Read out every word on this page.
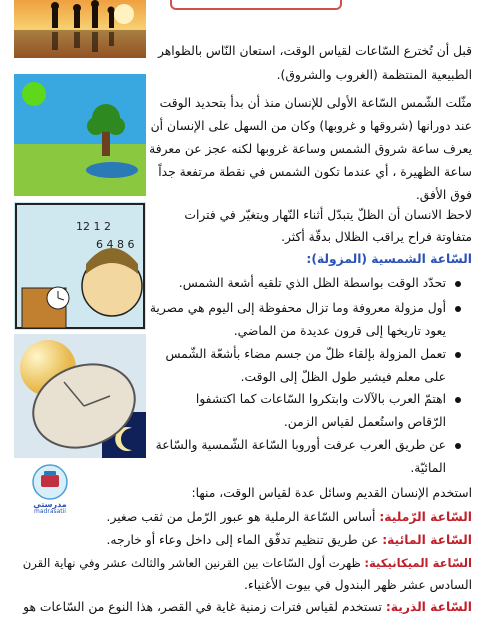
12 1 2
6 4 8 6
مدرستي
madrasatii
قبل أن تُخترع السّاعات لقياس الوقت، استعان النّاس بالظواهر
الطبيعية المنتظمة (الغروب والشروق).
مثّلت الشّمس السّاعة الأولى للإنسان منذ أن بدأ بتحديد الوقت
عند دورانها (شروقها و غروبها) وكان من السهل على الإنسان أن
يعرف ساعة شروق الشمس وساعة غروبها لكنه عجز عن معرفة
ساعة الظهيرة ، أي عندما تكون الشمس في نقطة مرتفعة جداً
فوق الأفق.
لاحظ الانسان أن الظلّ يتبدّل أثناء النّهار ويتغيّر في فترات
متفاوتة فراح يراقب الظلال بدقّة أكثر.
السّاعة الشمسية (المزولة):
تحدّد الوقت بواسطة الظل الذي تلقيه أشعة الشمس.
أول مزولة معروفة وما تزال محفوظة إلى اليوم هي مصرية
يعود تاريخها إلى قرون عديدة من الماضي.
تعمل المزولة بإلقاء ظلّ من جسم مضاء بأشعّة الشّمس
على معلم فيشير طول الظلّ إلى الوقت.
اهتمّ العرب بالآلات وابتكروا السّاعات كما اكتشفوا
الرّقاص واستُعمل لقياس الزمن.
عن طريق العرب عرفت أوروبا السّاعة الشّمسية والسّاعة
المائيّة.
استخدم الإنسان القديم وسائل عدة لقياس الوقت، منها:
السّاعة الرّملية: أساس السّاعة الرملية هو عبور الرّمل من ثقب صغير.
السّاعة المائية: عن طريق تنظيم تدفّق الماء إلى داخل وعاء أو خارجه.
السّاعة الميكانيكية: ظهرت أول السّاعات بين القرنين العاشر والثالث عشر وفي نهاية القرن
السادس عشر ظهر البندول في بيوت الأغنياء.
السّاعة الذرية: تستخدم لقياس فترات زمنية غاية في القصر، هذا النوع من السّاعات هو
